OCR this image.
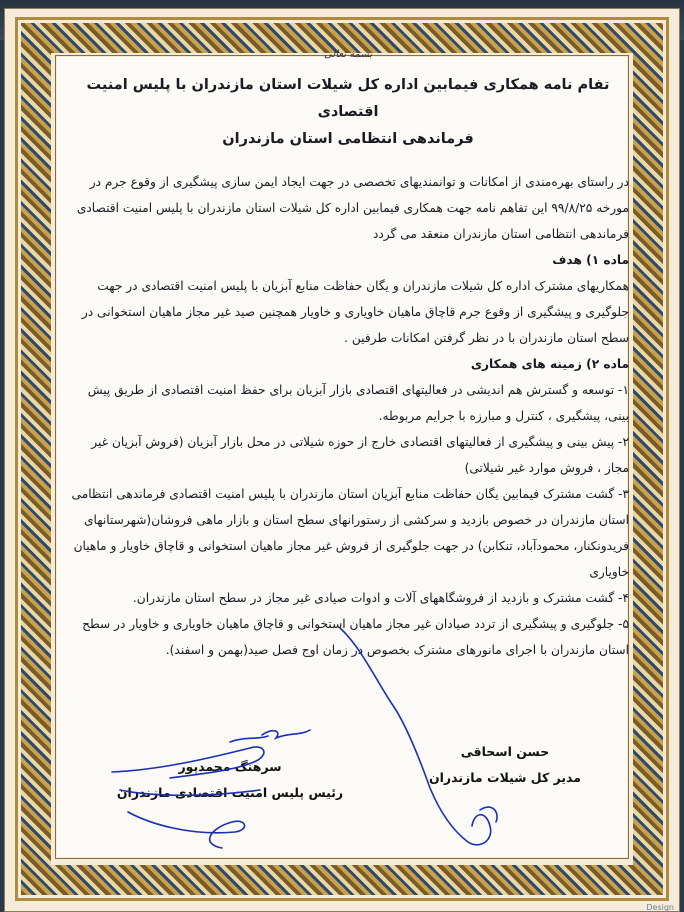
بسمه تعالی
تفام نامه همکاری فیمابین اداره کل شیلات استان مازندران با پلیس امنیت اقتصادی
فرماندهی انتظامی استان مازندران

در راستای بهره‌مندی از امکانات و توانمندیهای تخصصی در جهت ایجاد ایمن سازی پیشگیری از وقوع جرم در مورخه ۹۹/۸/۲۵ این تفاهم نامه جهت همکاری فیمابین اداره کل شیلات استان مازندران با پلیس امنیت اقتصادی فرماندهی انتظامی استان مازندران منعقد می گردد

ماده ۱) هدف

همکاریهای مشترک اداره کل شیلات مازندران و یگان حفاظت منابع آبزیان با پلیس امنیت اقتصادی در جهت جلوگیری و پیشگیری از وقوع جرم قاچاق ماهیان خاویاری و خاویار همچنین صید غیر مجاز ماهیان استخوانی در سطح استان مازندران با در نظر گرفتن امکانات طرفین .

ماده ۲) زمینه های همکاری

۱- توسعه و گسترش هم اندیشی در فعالیتهای اقتصادی بازار آبزیان برای حفظ امنیت اقتصادی از طریق پیش بینی، پیشگیری ، کنترل و مبارزه با جرایم مربوطه.

۲- پیش بینی و پیشگیری از فعالیتهای اقتصادی خارج از حوزه شیلاتی در محل بازار آبزیان (فروش آبزیان غیر مجاز ، فروش موارد غیر شیلاتی)

۳- گشت مشترک فیمابین یگان حفاظت منابع آبزیان استان مازندران با پلیس امنیت اقتصادی فرماندهی انتظامی استان مازندران در خصوص بازدید و سرکشی از رستورانهای سطح استان و بازار ماهی فروشان(شهرستانهای فریدونکنار، محمودآباد، تنکابن) در جهت جلوگیری از فروش غیر مجاز ماهیان استخوانی و قاچاق خاویار و ماهیان خاویاری

۴- گشت مشترک و بازدید از فروشگاههای آلات و ادوات صیادی غیر مجاز در سطح استان مازندران.

۵- جلوگیری و پیشگیری از تردد صیادان غیر مجاز ماهیان استخوانی و قاچاق ماهیان خاویاری و خاویار در سطح استان مازندران با اجرای مانورهای مشترک بخصوص در زمان اوج فصل صید(بهمن و اسفند).

حسن اسحاقی
مدیر کل شیلات مازندران
سرهنگ محمدپور
رئیس پلیس امنیت اقتصادی مازندران
Design
